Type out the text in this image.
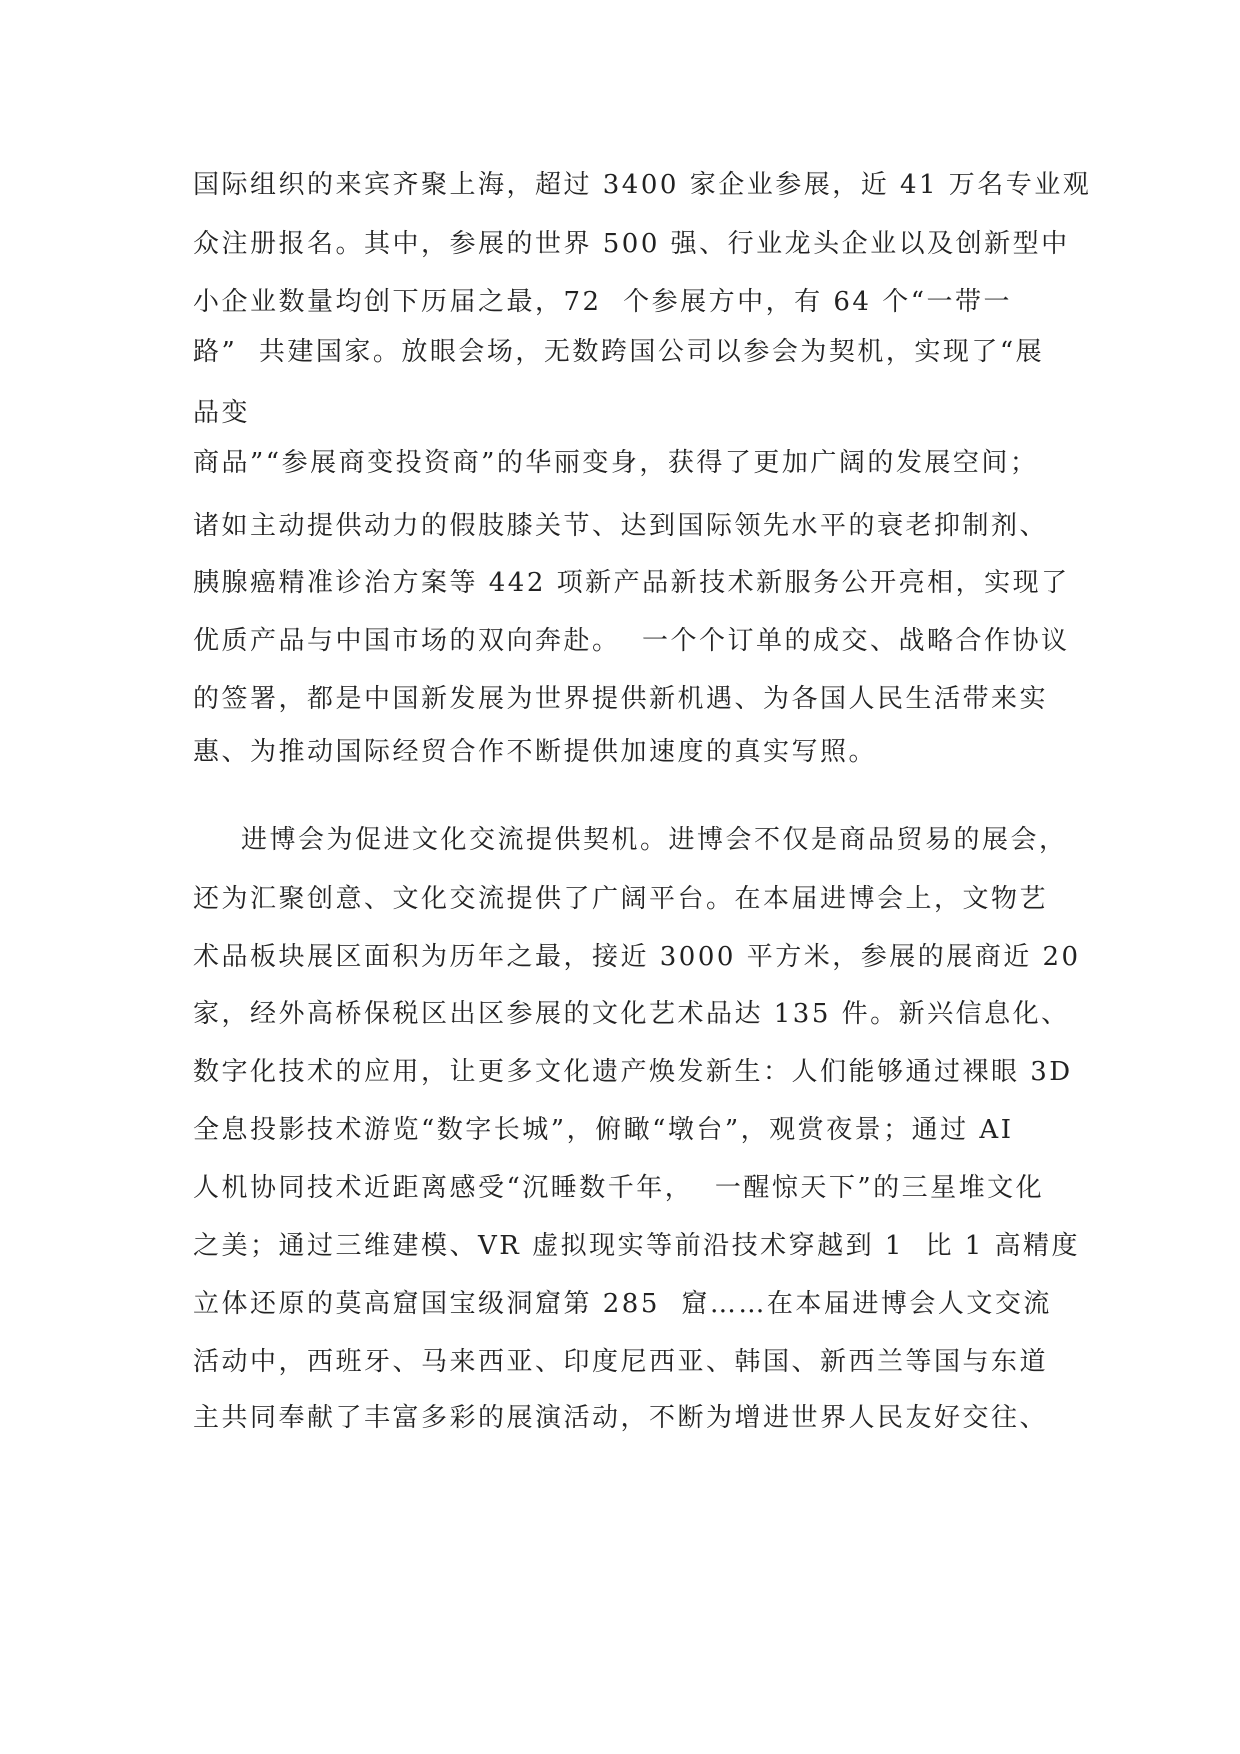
国际组织的来宾齐聚上海，超过 3400 家企业参展，近 41 万名专业观
众注册报名。其中，参展的世界 500 强、行业龙头企业以及创新型中
小企业数量均创下历届之最，72  个参展方中，有 64 个“一带一
路”  共建国家。放眼会场，无数跨国公司以参会为契机，实现了“展
品变
商品”“参展商变投资商”的华丽变身，获得了更加广阔的发展空间；
诸如主动提供动力的假肢膝关节、达到国际领先水平的衰老抑制剂、
胰腺癌精准诊治方案等 442 项新产品新技术新服务公开亮相，实现了
优质产品与中国市场的双向奔赴。  一个个订单的成交、战略合作协议
的签署，都是中国新发展为世界提供新机遇、为各国人民生活带来实
惠、为推动国际经贸合作不断提供加速度的真实写照。
进博会为促进文化交流提供契机。进博会不仅是商品贸易的展会，
还为汇聚创意、文化交流提供了广阔平台。在本届进博会上，文物艺
术品板块展区面积为历年之最，接近 3000 平方米，参展的展商近 20
家，经外高桥保税区出区参展的文化艺术品达 135 件。新兴信息化、
数字化技术的应用，让更多文化遗产焕发新生：人们能够通过裸眼 3D
全息投影技术游览“数字长城”，俯瞰“墩台”，观赏夜景；通过 AI
人机协同技术近距离感受“沉睡数千年，  一醒惊天下”的三星堆文化
之美；通过三维建模、VR 虚拟现实等前沿技术穿越到 1  比 1 高精度
立体还原的莫高窟国宝级洞窟第 285  窟……在本届进博会人文交流
活动中，西班牙、马来西亚、印度尼西亚、韩国、新西兰等国与东道
主共同奉献了丰富多彩的展演活动，不断为增进世界人民友好交往、
